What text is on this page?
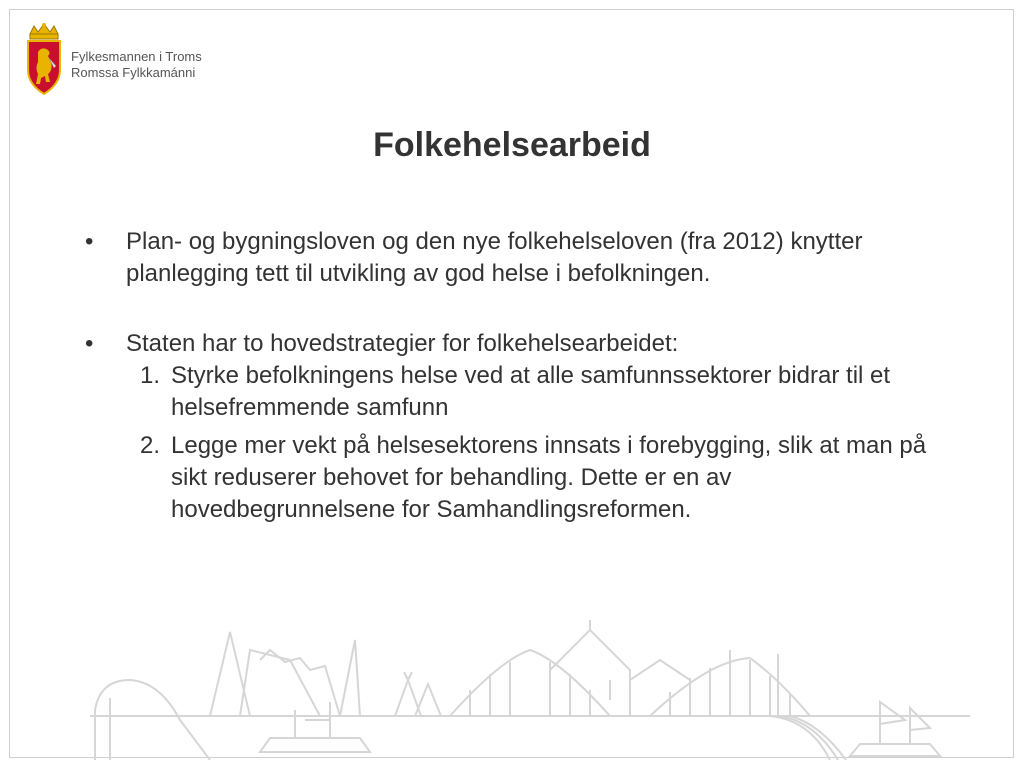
Fylkesmannen i Troms
Romssa Fylkkamánni
Folkehelsearbeid
• Plan- og bygningsloven og den nye folkehelseloven (fra 2012) knytter planlegging tett til utvikling av god helse i befolkningen.
• Staten har to hovedstrategier for folkehelsearbeidet:
1. Styrke befolkningens helse ved at alle samfunnssektorer bidrar til et helsefremmende samfunn
2. Legge mer vekt på helsesektorens innsats i forebygging, slik at man på sikt reduserer behovet for behandling. Dette er en av hovedbegrunnelsene for Samhandlingsreformen.
